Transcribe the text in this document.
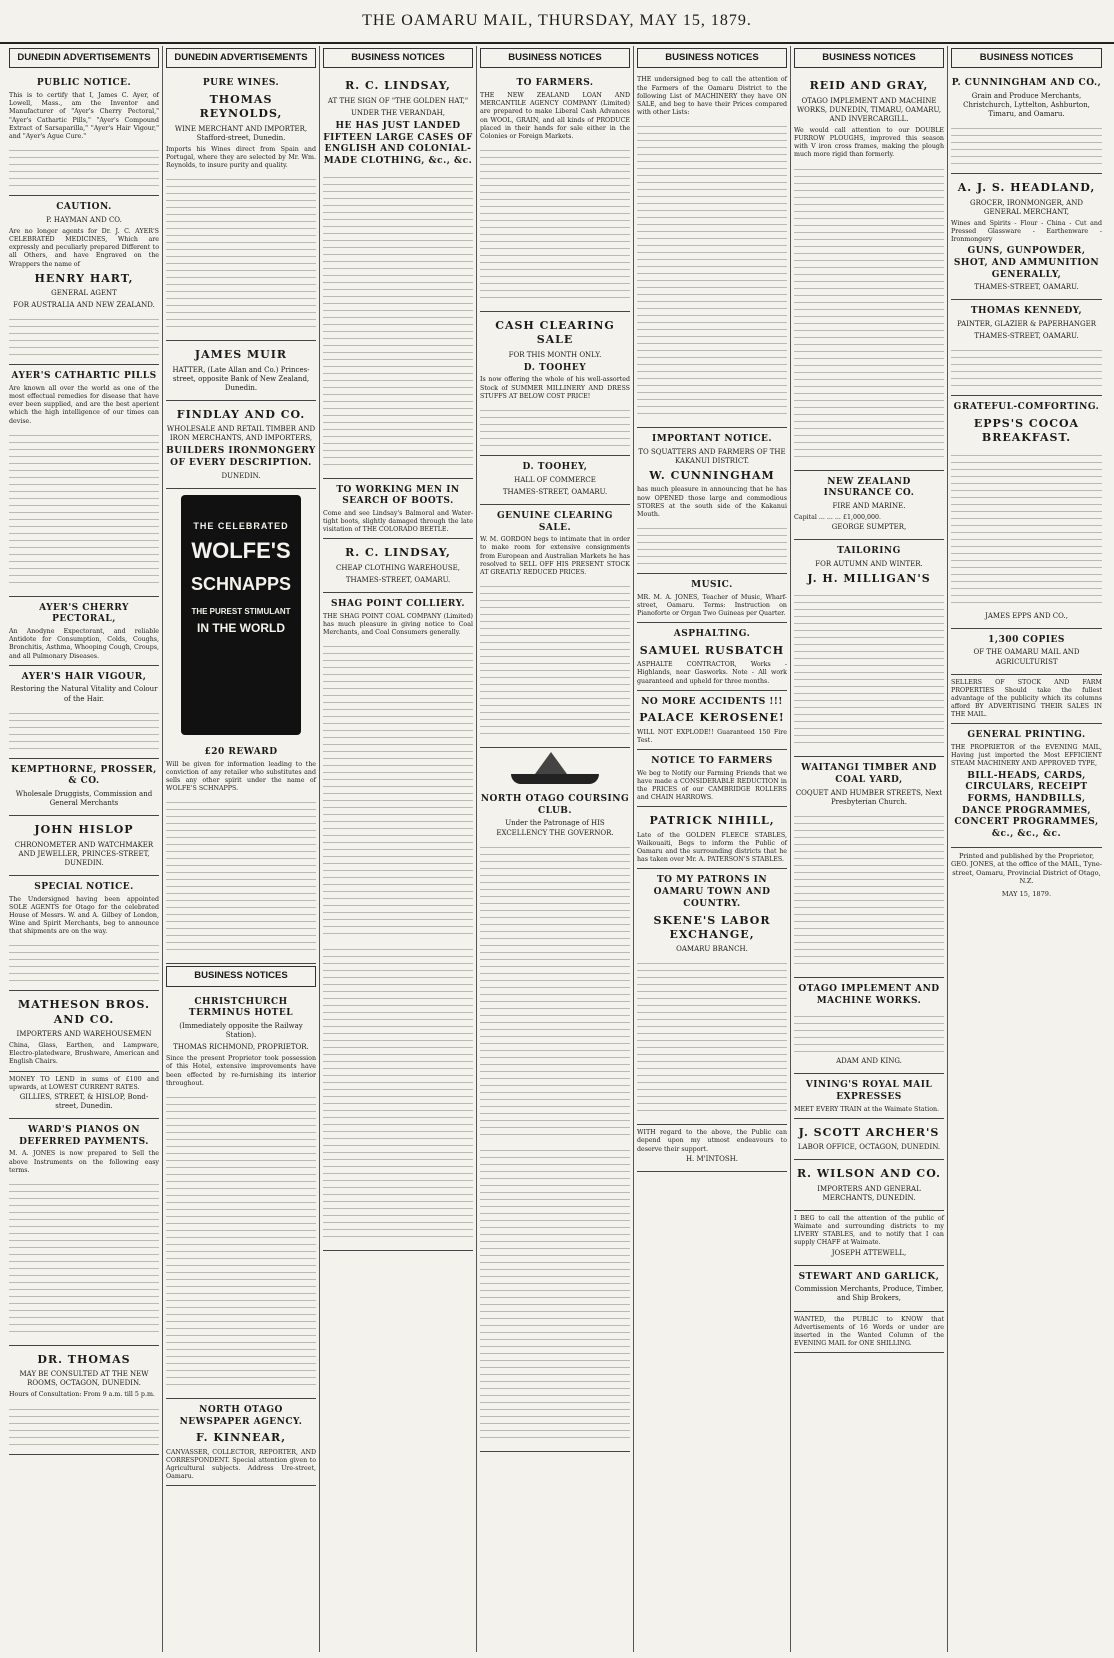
THE OAMARU MAIL, THURSDAY, MAY 15, 1879.
DUNEDIN ADVERTISEMENTS
PUBLIC NOTICE.

This is to certify that I, James C. Ayer, of Lowell, Mass., am the Inventor and Manufacturer of "Ayer's Cherry Pectoral," "Ayer's Cathartic Pills," "Ayer's Compound Extract of Sarsaparilla," "Ayer's Hair Vigour," and "Ayer's Ague Cure."

CAUTION.
P. HAYMAN AND CO.

Are no longer agents for Dr. J. C. AYER'S CELEBRATED MEDICINES, Which are expressly and peculiarly prepared Different to all Others, and have Engraved on the Wrappers the name of

HENRY HART,
GENERAL AGENT
FOR AUSTRALIA AND NEW ZEALAND.
AYER'S CATHARTIC PILLS

Are known all over the world as one of the most effectual remedies for disease that have ever been supplied, and are the best aperient which the high intelligence of our times can devise.

AYER'S CHERRY PECTORAL,

An Anodyne Expectorant, and reliable Antidote for Consumption, Colds, Coughs, Bronchitis, Asthma, Whooping Cough, Croups, and all Pulmonary Diseases.

AYER'S HAIR VIGOUR,
Restoring the Natural Vitality and Colour of the Hair.
KEMPTHORNE, PROSSER, & CO.
Wholesale Druggists, Commission and General Merchants
JOHN HISLOP
CHRONOMETER AND WATCHMAKER AND JEWELLER, PRINCES-STREET, DUNEDIN.
SPECIAL NOTICE.

The Undersigned having been appointed SOLE AGENTS for Otago for the celebrated House of Messrs. W. and A. Gilbey of London, Wine and Spirit Merchants, beg to announce that shipments are on the way.

MATHESON BROS. AND CO.
IMPORTERS AND WAREHOUSEMEN

China, Glass, Earthen, and Lampware, Electro-platedware, Brushware, American and English Chairs.

MONEY TO LEND in sums of £100 and upwards, at LOWEST CURRENT RATES.

GILLIES, STREET, & HISLOP, Bond-street, Dunedin.
WARD'S PIANOS ON DEFERRED PAYMENTS.

M. A. JONES is now prepared to Sell the above Instruments on the following easy terms.

DR. THOMAS
MAY BE CONSULTED AT THE NEW ROOMS, OCTAGON, DUNEDIN.

Hours of Consultation: From 9 a.m. till 5 p.m.

DUNEDIN ADVERTISEMENTS
PURE WINES.
THOMAS REYNOLDS,
WINE MERCHANT AND IMPORTER, Stafford-street, Dunedin.

Imports his Wines direct from Spain and Portugal, where they are selected by Mr. Wm. Reynolds, to insure purity and quality.

JAMES MUIR
HATTER, (Late Allan and Co.) Princes-street, opposite Bank of New Zealand, Dunedin.
FINDLAY AND CO.
WHOLESALE AND RETAIL TIMBER AND IRON MERCHANTS, AND IMPORTERS,
BUILDERS IRONMONGERY OF EVERY DESCRIPTION.
DUNEDIN.
THE CELEBRATED
WOLFE'S
SCHNAPPS
THE PUREST STIMULANT
IN THE WORLD
£20 REWARD

Will be given for information leading to the conviction of any retailer who substitutes and sells any other spirit under the name of WOLFE'S SCHNAPPS.

BUSINESS NOTICES
CHRISTCHURCH TERMINUS HOTEL
(Immediately opposite the Railway Station).
THOMAS RICHMOND, PROPRIETOR.

Since the present Proprietor took possession of this Hotel, extensive improvements have been effected by re-furnishing its interior throughout.

NORTH OTAGO NEWSPAPER AGENCY.
F. KINNEAR,

CANVASSER, COLLECTOR, REPORTER, AND CORRESPONDENT. Special attention given to Agricultural subjects. Address Ure-street, Oamaru.

BUSINESS NOTICES
R. C. LINDSAY,
AT THE SIGN OF "THE GOLDEN HAT,"
UNDER THE VERANDAH,
HE HAS JUST LANDED FIFTEEN LARGE CASES OF ENGLISH AND COLONIAL-MADE CLOTHING, &c., &c.
TO WORKING MEN IN SEARCH OF BOOTS.

Come and see Lindsay's Balmoral and Water-tight boots, slightly damaged through the late visitation of THE COLORADO BEETLE.

R. C. LINDSAY,
CHEAP CLOTHING WAREHOUSE,
THAMES-STREET, OAMARU.
SHAG POINT COLLIERY.

THE SHAG POINT COAL COMPANY (Limited) has much pleasure in giving notice to Coal Merchants, and Coal Consumers generally.

BUSINESS NOTICES
TO FARMERS.

THE NEW ZEALAND LOAN AND MERCANTILE AGENCY COMPANY (Limited) are prepared to make Liberal Cash Advances on WOOL, GRAIN, and all kinds of PRODUCE placed in their hands for sale either in the Colonies or Foreign Markets.

CASH CLEARING SALE
FOR THIS MONTH ONLY.
D. TOOHEY

Is now offering the whole of his well-assorted Stock of SUMMER MILLINERY AND DRESS STUFFS AT BELOW COST PRICE!

D. TOOHEY,
HALL OF COMMERCE
THAMES-STREET, OAMARU.
GENUINE CLEARING SALE.

W. M. GORDON begs to intimate that in order to make room for extensive consignments from European and Australian Markets he has resolved to SELL OFF HIS PRESENT STOCK AT GREATLY REDUCED PRICES.

NORTH OTAGO COURSING CLUB.
Under the Patronage of HIS EXCELLENCY THE GOVERNOR.
BUSINESS NOTICES

THE undersigned beg to call the attention of the Farmers of the Oamaru District to the following List of MACHINERY they have ON SALE, and beg to have their Prices compared with other Lists:

IMPORTANT NOTICE.
TO SQUATTERS AND FARMERS OF THE KAKANUI DISTRICT.
W. CUNNINGHAM

has much pleasure in announcing that he has now OPENED those large and commodious STORES at the south side of the Kakanui Mouth.

MUSIC.

MR. M. A. JONES, Teacher of Music, Wharf-street, Oamaru. Terms: Instruction on Pianoforte or Organ Two Guineas per Quarter.

ASPHALTING.
SAMUEL RUSBATCH

ASPHALTE CONTRACTOR, Works - Highlands, near Gasworks. Note - All work guaranteed and upheld for three months.

NO MORE ACCIDENTS !!!
PALACE KEROSENE!

WILL NOT EXPLODE!! Guaranteed 150 Fire Test.

NOTICE TO FARMERS

We beg to Notify our Farming Friends that we have made a CONSIDERABLE REDUCTION in the PRICES of our CAMBRIDGE ROLLERS and CHAIN HARROWS.

PATRICK NIHILL,

Late of the GOLDEN FLEECE STABLES, Waikouaiti, Begs to inform the Public of Oamaru and the surrounding districts that he has taken over Mr. A. PATERSON'S STABLES.

TO MY PATRONS IN OAMARU TOWN AND COUNTRY.
SKENE'S LABOR EXCHANGE,
OAMARU BRANCH.

WITH regard to the above, the Public can depend upon my utmost endeavours to deserve their support.

H. M'INTOSH.
BUSINESS NOTICES
REID AND GRAY,
OTAGO IMPLEMENT AND MACHINE WORKS, DUNEDIN, TIMARU, OAMARU, AND INVERCARGILL.

We would call attention to our DOUBLE FURROW PLOUGHS, improved this season with V iron cross frames, making the plough much more rigid than formerly.

NEW ZEALAND INSURANCE CO.
FIRE AND MARINE.

Capital ... ... ... £1,000,000.

GEORGE SUMPTER,
TAILORING
FOR AUTUMN AND WINTER.
J. H. MILLIGAN'S
WAITANGI TIMBER AND COAL YARD,
COQUET AND HUMBER STREETS, Next Presbyterian Church.
OTAGO IMPLEMENT AND MACHINE WORKS.
ADAM AND KING.
VINING'S ROYAL MAIL EXPRESSES

MEET EVERY TRAIN at the Waimate Station.

J. SCOTT ARCHER'S
LABOR OFFICE, OCTAGON, DUNEDIN.
R. WILSON AND CO.
IMPORTERS AND GENERAL MERCHANTS, DUNEDIN.

I BEG to call the attention of the public of Waimate and surrounding districts to my LIVERY STABLES, and to notify that I can supply CHAFF at Waimate.

JOSEPH ATTEWELL,
STEWART AND GARLICK,
Commission Merchants, Produce, Timber, and Ship Brokers,

WANTED, the PUBLIC to KNOW that Advertisements of 16 Words or under are inserted in the Wanted Column of the EVENING MAIL for ONE SHILLING.

BUSINESS NOTICES
P. CUNNINGHAM AND CO.,
Grain and Produce Merchants, Christchurch, Lyttelton, Ashburton, Timaru, and Oamaru.
A. J. S. HEADLAND,
GROCER, IRONMONGER, AND GENERAL MERCHANT,

Wines and Spirits - Flour - China - Cut and Pressed Glassware - Earthenware - Ironmongery

GUNS, GUNPOWDER, SHOT, AND AMMUNITION GENERALLY,
THAMES-STREET, OAMARU.
THOMAS KENNEDY,
PAINTER, GLAZIER & PAPERHANGER
THAMES-STREET, OAMARU.
GRATEFUL-COMFORTING.
EPPS'S COCOA BREAKFAST.
JAMES EPPS AND CO.,
1,300 COPIES
OF THE OAMARU MAIL AND AGRICULTURIST

SELLERS OF STOCK AND FARM PROPERTIES Should take the fullest advantage of the publicity which its columns afford BY ADVERTISING THEIR SALES IN THE MAIL.

GENERAL PRINTING.

THE PROPRIETOR of the EVENING MAIL, Having just imported the Most EFFICIENT STEAM MACHINERY AND APPROVED TYPE,

BILL-HEADS, CARDS, CIRCULARS, RECEIPT FORMS, HANDBILLS, DANCE PROGRAMMES, CONCERT PROGRAMMES, &c., &c., &c.
Printed and published by the Proprietor, GEO. JONES, at the office of the MAIL, Tyne-street, Oamaru, Provincial District of Otago, N.Z.
MAY 15, 1879.
